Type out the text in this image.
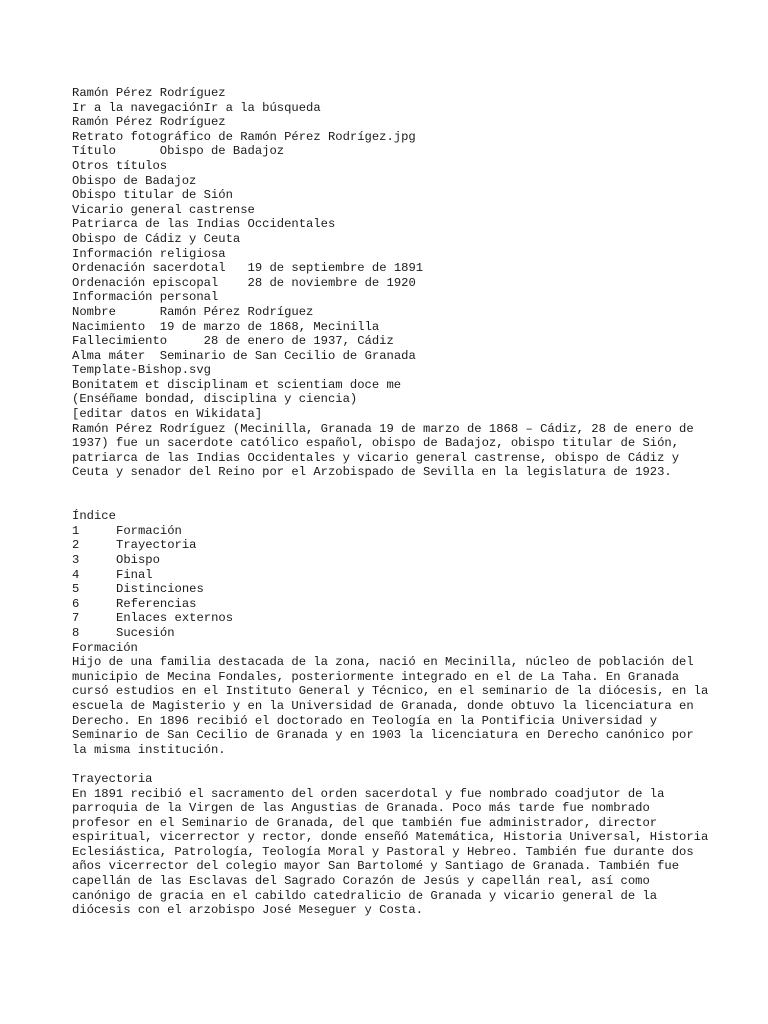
Ramón Pérez Rodríguez
Ir a la navegaciónIr a la búsqueda
Ramón Pérez Rodríguez
Retrato fotográfico de Ramón Pérez Rodrígez.jpg
Título	Obispo de Badajoz
Otros títulos
Obispo de Badajoz
Obispo titular de Sión
Vicario general castrense
Patriarca de las Indias Occidentales
Obispo de Cádiz y Ceuta
Información religiosa
Ordenación sacerdotal 19 de septiembre de 1891
Ordenación episcopal 28 de noviembre de 1920
Información personal
Nombre	Ramón Pérez Rodríguez
Nacimiento 19 de marzo de 1868, Mecinilla
Fallecimiento	28 de enero de 1937, Cádiz
Alma máter Seminario de San Cecilio de Granada
Template-Bishop.svg
Bonitatem et disciplinam et scientiam doce me
(Enséñame bondad, disciplina y ciencia)
[editar datos en Wikidata]
Ramón Pérez Rodríguez (Mecinilla, Granada 19 de marzo de 1868 – Cádiz, 28 de enero de 1937) fue un sacerdote católico español, obispo de Badajoz, obispo titular de Sión, patriarca de las Indias Occidentales y vicario general castrense, obispo de Cádiz y Ceuta y senador del Reino por el Arzobispado de Sevilla en la legislatura de 1923.
Índice
1	Formación
2	Trayectoria
3	Obispo
4	Final
5	Distinciones
6	Referencias
7	Enlaces externos
8	Sucesión
Formación
Hijo de una familia destacada de la zona, nació en Mecinilla, núcleo de población del municipio de Mecina Fondales, posteriormente integrado en el de La Taha. En Granada cursó estudios en el Instituto General y Técnico, en el seminario de la diócesis, en la escuela de Magisterio y en la Universidad de Granada, donde obtuvo la licenciatura en Derecho. En 1896 recibió el doctorado en Teología en la Pontificia Universidad y Seminario de San Cecilio de Granada y en 1903 la licenciatura en Derecho canónico por la misma institución.
Trayectoria
En 1891 recibió el sacramento del orden sacerdotal y fue nombrado coadjutor de la parroquia de la Virgen de las Angustias de Granada. Poco más tarde fue nombrado profesor en el Seminario de Granada, del que también fue administrador, director espiritual, vicerrector y rector, donde enseñó Matemática, Historia Universal, Historia Eclesiástica, Patrología, Teología Moral y Pastoral y Hebreo. También fue durante dos años vicerrector del colegio mayor San Bartolomé y Santiago de Granada. También fue capellán de las Esclavas del Sagrado Corazón de Jesús y capellán real, así como canónigo de gracia en el cabildo catedralicio de Granada y vicario general de la diócesis con el arzobispo José Meseguer y Costa.
